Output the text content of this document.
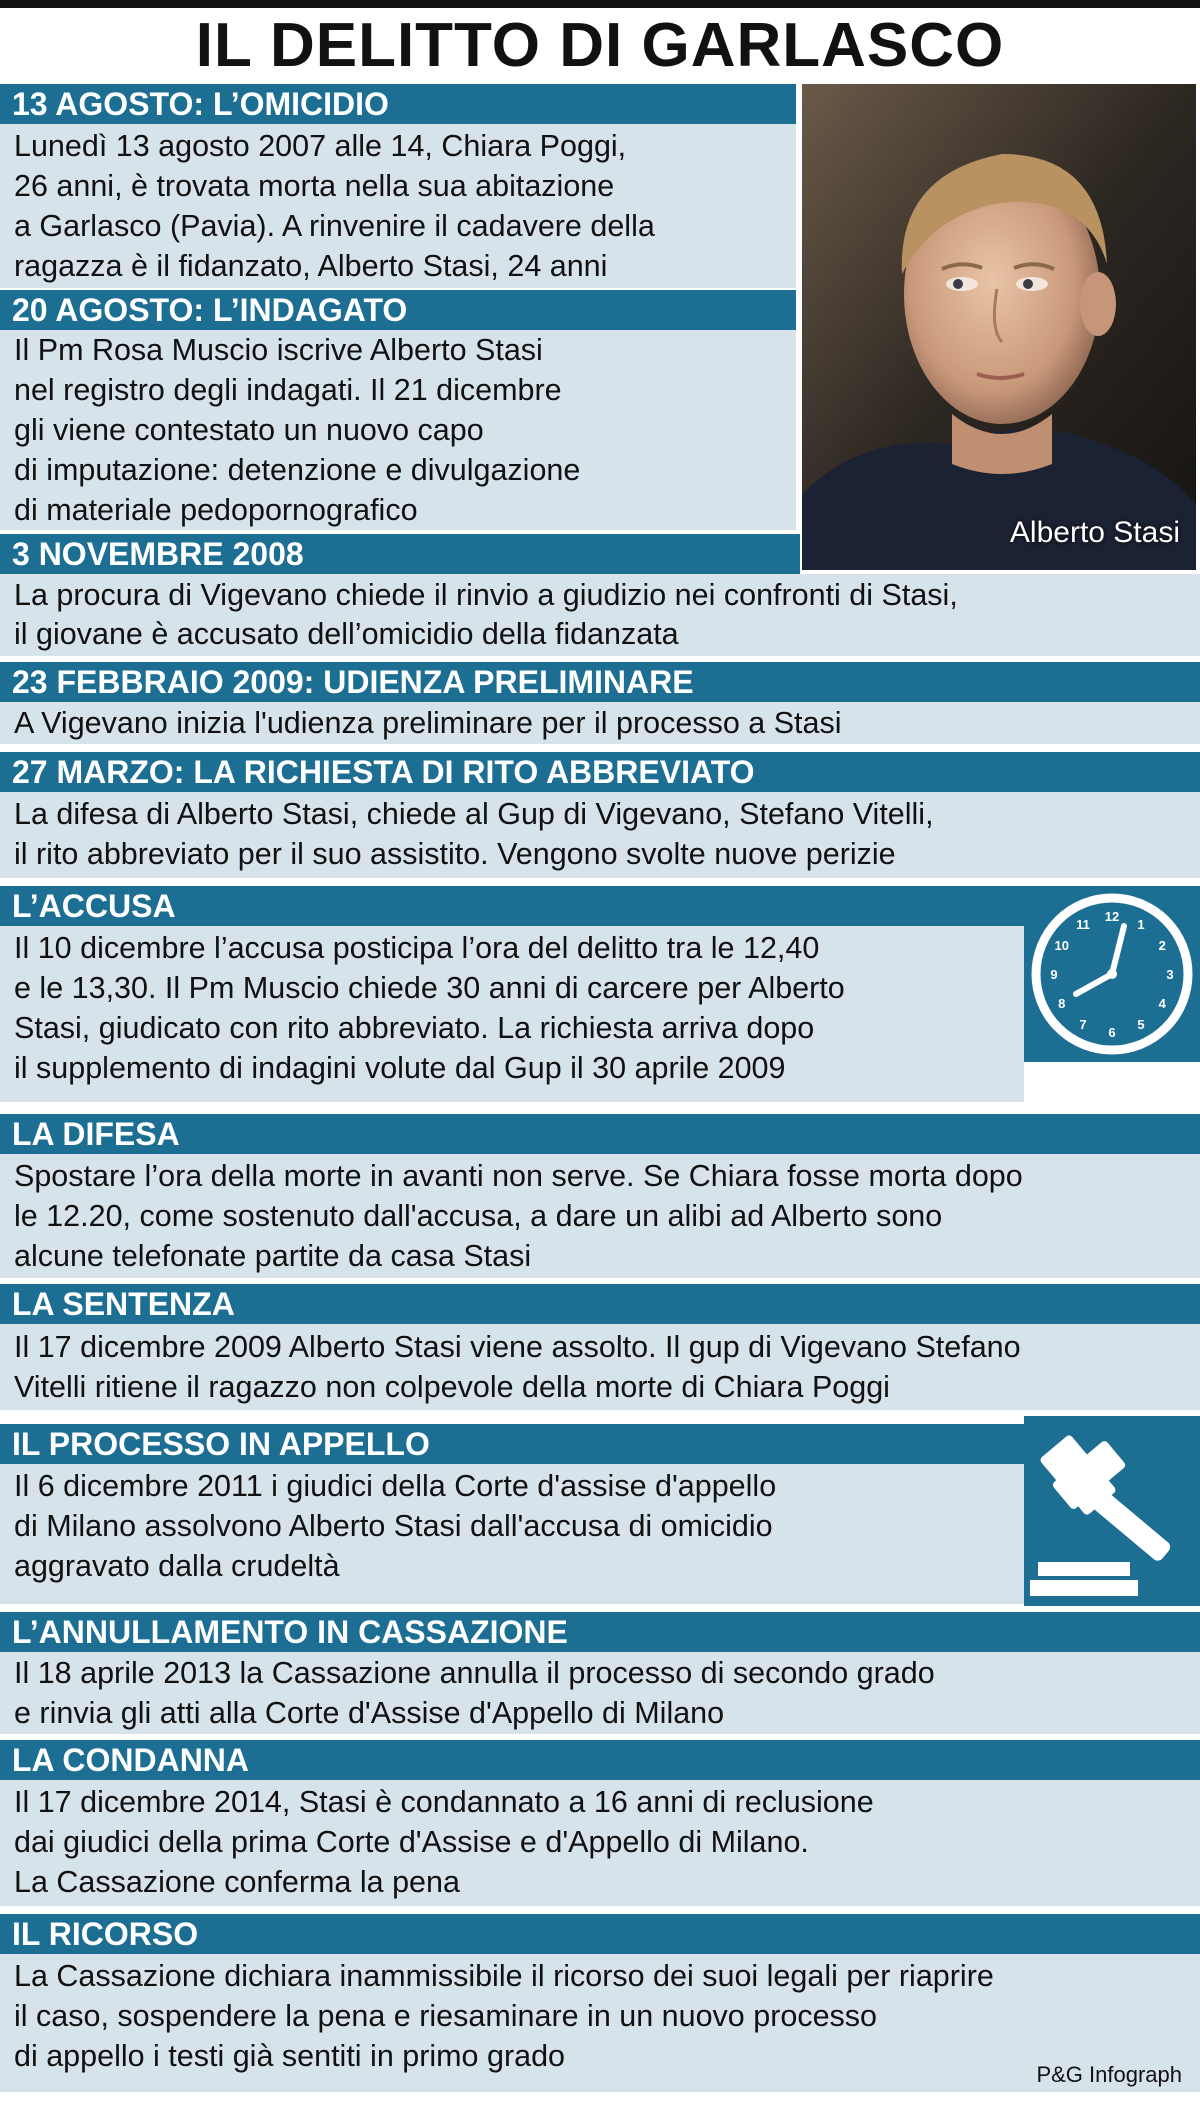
IL DELITTO DI GARLASCO
13 AGOSTO: L’OMICIDIO
Lunedì 13 agosto 2007 alle 14, Chiara Poggi,
26 anni, è trovata morta nella sua abitazione
a Garlasco (Pavia). A rinvenire il cadavere della
ragazza è il fidanzato, Alberto Stasi, 24 anni
20 AGOSTO: L’INDAGATO
Il Pm Rosa Muscio iscrive Alberto Stasi
nel registro degli indagati. Il 21 dicembre
gli viene contestato un nuovo capo
di imputazione: detenzione e divulgazione
di materiale pedopornografico
3 NOVEMBRE 2008
La procura di Vigevano chiede il rinvio a giudizio nei confronti di Stasi,
il giovane è accusato dell’omicidio della fidanzata
23 FEBBRAIO 2009: UDIENZA PRELIMINARE
A Vigevano inizia l'udienza preliminare per il processo a Stasi
27 MARZO: LA RICHIESTA DI RITO ABBREVIATO
La difesa di Alberto Stasi, chiede al Gup di Vigevano, Stefano Vitelli,
il rito abbreviato per il suo assistito. Vengono svolte nuove perizie
L’ACCUSA
Il 10 dicembre l’accusa posticipa l’ora del delitto tra le 12,40
e le 13,30. Il Pm Muscio chiede 30 anni di carcere per Alberto
Stasi, giudicato con rito abbreviato. La richiesta arriva dopo
il supplemento di indagini volute dal Gup il 30 aprile 2009
12
1
2
3
4
5
6
7
8
9
10
11
LA DIFESA
Spostare l’ora della morte in avanti non serve. Se Chiara fosse morta dopo
le 12.20, come sostenuto dall'accusa, a dare un alibi ad Alberto sono
alcune telefonate partite da casa Stasi
LA SENTENZA
Il 17 dicembre 2009 Alberto Stasi viene assolto. Il gup di Vigevano Stefano
Vitelli ritiene il ragazzo non colpevole della morte di Chiara Poggi
IL PROCESSO IN APPELLO
Il 6 dicembre 2011 i giudici della Corte d'assise d'appello
di Milano assolvono Alberto Stasi dall'accusa di omicidio
aggravato dalla crudeltà
L’ANNULLAMENTO IN CASSAZIONE
Il 18 aprile 2013 la Cassazione annulla il processo di secondo grado
e rinvia gli atti alla Corte d'Assise d'Appello di Milano
LA CONDANNA
Il 17 dicembre 2014, Stasi è condannato a 16 anni di reclusione
dai giudici della prima Corte d'Assise e d'Appello di Milano.
La Cassazione conferma la pena
IL RICORSO
La Cassazione dichiara inammissibile il ricorso dei suoi legali per riaprire
il caso, sospendere la pena e riesaminare in un nuovo processo
di appello i testi già sentiti in primo grado
Alberto Stasi
P&G Infograph
